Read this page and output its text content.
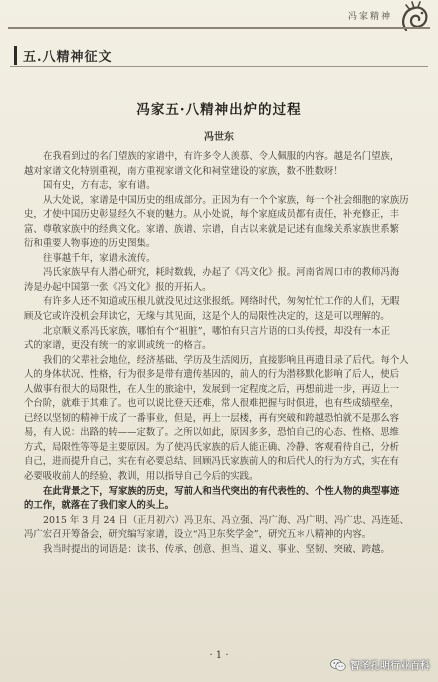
冯家精神
五.八精神征文
冯家五·八精神出炉的过程
冯世东
在我看到过的名门望族的家谱中，有许多令人羡慕、令人佩服的内容。越是名门望族，
越对家谱文化特别重视，南方重视家谱文化和祠堂建设的家族，数不胜数呀！
国有史，方有志，家有谱。
从大处说，家谱是中国历史的组成部分。正因为有一个个家族，每一个社会细胞的家族历
史，才使中国历史彰显经久不衰的魅力。从小处说，每个家庭成员都有责任，补充修正，丰
富、尊敬家族中的经典文化。家谱、族谱、宗谱，自古以来就是记述有血缘关系家族世系繁
衍和重要人物事迹的历史图集。
往事越千年，家谱永流传。
冯氏家族早有人潜心研究，耗时数载，办起了《冯文化》报。河南省周口市的教师冯海
涛是办起中国第一张《冯文化》报的开拓人。
有许多人还不知道或压根儿就没见过这张报纸。网络时代，匆匆忙忙工作的人们，无暇
顾及它或许没机会拜读它，无缘与其见面，这是个人的局限性决定的，这是可以理解的。
北京顺义系冯氏家族，哪怕有个“祖脏”，哪怕有只言片语的口头传授，却没有一本正
式的家谱，更没有统一的家训或统一的格言。
我们的父辈社会地位，经济基础、学历及生活阅历，直接影响且再遗目录了后代。每个人
人的身体状况、性格，行为很多是带有遗传基因的，前人的行为潜移默化影响了后人，使后
人做事有很大的局限性，在人生的旅途中，发展到一定程度之后，再想前进一步，再迈上一
个台阶，就难于其难了。也可以说比登天还难，常人很难把握与时俱进，也有些成绩壁垒，
已经以坚韧的精神干成了一番事业，但是，再上一层楼，再有突破和跨越恐怕就不是那么容
易，有人说：出路的转——定数了。之所以如此，原因多多，恐怕自己的心态、性格、思维
方式，局限性等等是主要原因。为了使冯氏家族的后人能正确、冷静、客观看待自己，分析
自己，进而提升自己，实在有必要总结、回顾冯氏家族前人的和后代人的行为方式，实在有
必要吸收前人的经验、教训，用以指导自己今后的实践。
在此背景之下，写家族的历史，写前人和当代突出的有代表性的、个性人物的典型事迹
的工作，就落在了我们家人的头上。
2015 年 3 月 24 日（正月初六）冯卫东、冯立强、冯广海、冯广明、冯广忠、冯连延、
冯广宏召开筹备会，研究编写家谱，设立“冯卫东奖学金”，研究五＊八精神的内容。
我当时提出的词语是：读书、传承、创意、担当、道义、事业、坚韧、突破、跨越。
· 1 ·
智圣孔明行业百科
